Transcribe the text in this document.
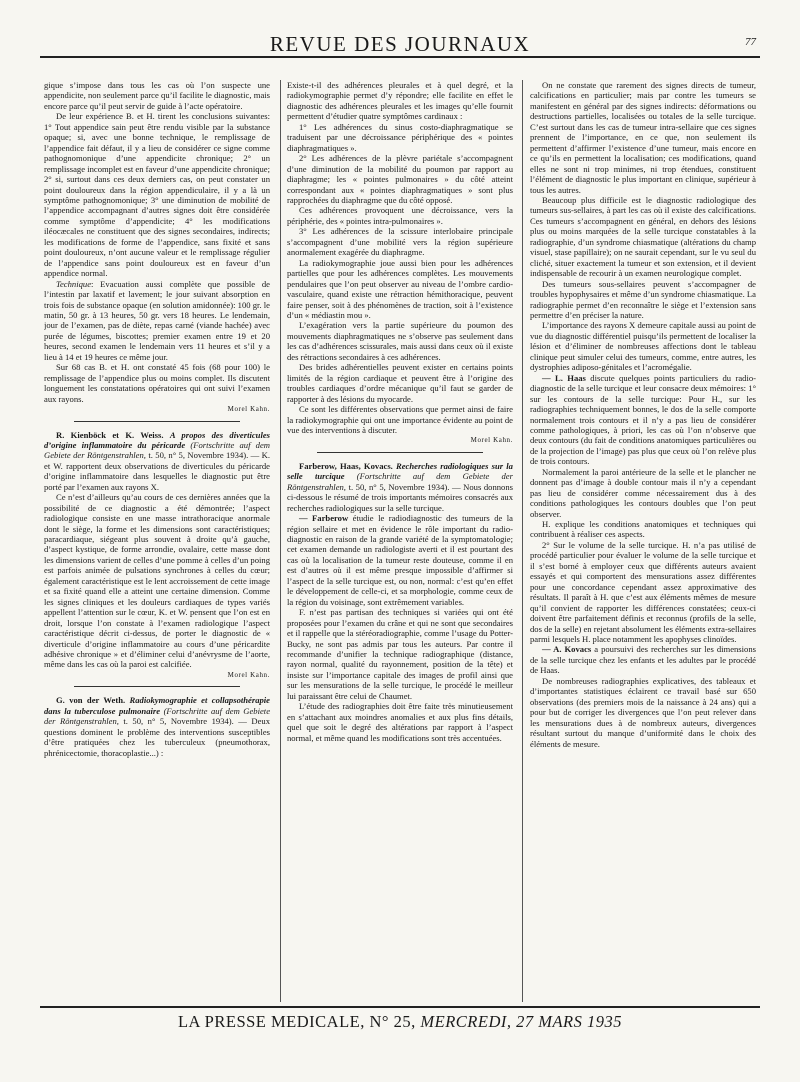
REVUE DES JOURNAUX	77

gique s’impose dans tous les cas où l’on suspecte une appendicite, non seulement parce qu’il facilite le diagnostic, mais encore parce qu’il peut servir de guide à l’acte opératoire.

De leur expérience B. et H. tirent les conclusions suivantes: 1° Tout appendice sain peut être rendu visible par la substance opaque; si, avec une bonne technique, le remplissage de l’appendice fait défaut, il y a lieu de considérer ce signe comme pathognomonique d’une appendicite chronique; 2° un remplissage incomplet est en faveur d’une appendicite chronique; 2° si, surtout dans ces deux derniers cas, on peut constater un point douloureux dans la région appendiculaire, il y a là un symptôme pathognomonique; 3° une diminution de mobilité de l’appendice accompagnant d’autres signes doit être considérée comme symptôme d’appendicite; 4° les modifications iléocæcales ne constituent que des signes secondaires, indirects; les modifications de forme de l’appendice, sans fixité et sans point douloureux, n’ont aucune valeur et le remplissage régulier de l’appendice sans point douloureux est en faveur d’un appendice normal.

Technique: Evacuation aussi complète que possible de l’intestin par laxatif et lavement; le jour suivant absorption en trois fois de substance opaque (en solution amidonnée): 100 gr. le matin, 50 gr. à 13 heures, 50 gr. vers 18 heures. Le lendemain, jour de l’examen, pas de diète, repas carné (viande hachée) avec purée de légumes, biscottes; premier examen entre 19 et 20 heures, second examen le lendemain vers 11 heures et s’il y a lieu à 14 et 19 heures ce même jour.

Sur 68 cas B. et H. ont constaté 45 fois (68 pour 100) le remplissage de l’appendice plus ou moins complet. Ils discutent longuement les constatations opératoires qui ont suivi l’examen aux rayons.

Morel Kahn.

R. Kienböck et K. Weiss. A propos des diverticules d’origine inflammatoire du péricarde (Fortschritte auf dem Gebiete der Röntgenstrahlen, t. 50, n° 5, Novembre 1934). — K. et W. rapportent deux observations de diverticules du péricarde d’origine inflammatoire dans lesquelles le diagnostic put être porté par l’examen aux rayons X.

Ce n’est d’ailleurs qu’au cours de ces dernières années que la possibilité de ce diagnostic a été démontrée; l’aspect radiologique consiste en une masse intrathoracique anormale dont le siège, la forme et les dimensions sont caractéristiques; paracardiaque, siégeant plus souvent à droite qu’à gauche, d’aspect kystique, de forme arrondie, ovalaire, cette masse dont les dimensions varient de celles d’une pomme à celles d’un poing est parfois animée de pulsations synchrones à celles du cœur; également caractéristique est le lent accroissement de cette image et sa fixité quand elle a atteint une certaine dimension. Comme les signes cliniques et les douleurs cardiaques de types variés appellent l’attention sur le cœur, K. et W. pensent que l’on est en droit, lorsque l’on constate à l’examen radiologique l’aspect caractéristique décrit ci-dessus, de porter le diagnostic de « diverticule d’origine inflammatoire au cours d’une péricardite adhésive chronique » et d’éliminer celui d’anévrysme de l’aorte, même dans les cas où la paroi est calcifiée.

Morel Kahn.

G. von der Weth. Radiokymographie et collapsothérapie dans la tuberculose pulmonaire (Fortschritte auf dem Gebiete der Röntgenstrahlen, t. 50, n° 5, Novembre 1934). — Deux questions dominent le problème des interventions susceptibles d’être pratiquées chez les tuberculeux (pneumothorax, phrénicectomie, thoracoplastie...) :

Existe-t-il des adhérences pleurales et à quel degré, et la radiokymographie permet d’y répondre; elle facilite en effet le diagnostic des adhérences pleurales et les images qu’elle fournit permettent d’étudier quatre symptômes cardinaux :

1° Les adhérences du sinus costo-diaphragmatique se traduisent par une décroissance périphérique des « pointes diaphragmatiques ».

2° Les adhérences de la plèvre pariétale s’accompagnent d’une diminution de la mobilité du poumon par rapport au diaphragme; les « pointes pulmonaires » du côté atteint correspondant aux « pointes diaphragmatiques » sont plus rapprochées du diaphragme que du côté opposé.

Ces adhérences provoquent une décroissance, vers la périphérie, des « pointes intra-pulmonaires ».

3° Les adhérences de la scissure interlobaire principale s’accompagnent d’une mobilité vers la région supérieure anormalement exagérée du diaphragme.

La radiokymographie joue aussi bien pour les adhérences partielles que pour les adhérences complètes. Les mouvements pendulaires que l’on peut observer au niveau de l’ombre cardio-vasculaire, quand existe une rétraction hémithoracique, peuvent faire penser, soit à des phénomènes de traction, soit à l’existence d’un « médiastin mou ».

L’exagération vers la partie supérieure du poumon des mouvements diaphragmatiques ne s’observe pas seulement dans les cas d’adhérences scissurales, mais aussi dans ceux où il existe des rétractions secondaires à ces adhérences.

Des brides adhérentielles peuvent exister en certains points limités de la région cardiaque et peuvent être à l’origine des troubles cardiaques d’ordre mécanique qu’il faut se garder de rapporter à des lésions du myocarde.

Ce sont les différentes observations que permet ainsi de faire la radiokymographie qui ont une importance évidente au point de vue des interventions à discuter.

Morel Kahn.

Farberow, Haas, Kovacs. Recherches radiologiques sur la selle turcique (Fortschritte auf dem Gebiete der Röntgenstrahlen, t. 50, n° 5, Novembre 1934). — Nous donnons ci-dessous le résumé de trois importants mémoires consacrés aux recherches radiologiques sur la selle turcique.

— Farberow étudie le radiodiagnostic des tumeurs de la région sellaire et met en évidence le rôle important du radio-diagnostic en raison de la grande variété de la symptomatologie; cet examen demande un radiologiste averti et il est pourtant des cas où la localisation de la tumeur reste douteuse, comme il en est d’autres où il est même presque impossible d’affirmer si l’aspect de la selle turcique est, ou non, normal: c’est qu’en effet le développement de celle-ci, et sa morphologie, comme ceux de la région du voisinage, sont extrêmement variables.

F. n’est pas partisan des techniques si variées qui ont été proposées pour l’examen du crâne et qui ne sont que secondaires et il rappelle que la stéréoradiographie, comme l’usage du Potter-Bucky, ne sont pas admis par tous les auteurs. Par contre il recommande d’unifier la technique radiographique (distance, rayon normal, qualité du rayonnement, position de la tête) et insiste sur l’importance capitale des images de profil ainsi que sur les mensurations de la selle turcique, le procédé le meilleur lui paraissant être celui de Chaumet.

L’étude des radiographies doit être faite très minutieusement en s’attachant aux moindres anomalies et aux plus fins détails, quel que soit le degré des altérations par rapport à l’aspect normal, et même quand les modifications sont très accentuées.

On ne constate que rarement des signes directs de tumeur, calcifications en particulier; mais par contre les tumeurs se manifestent en général par des signes indirects: déformations ou destructions partielles, localisées ou totales de la selle turcique. C’est surtout dans les cas de tumeur intra-sellaire que ces signes prennent de l’importance, en ce que, non seulement ils permettent d’affirmer l’existence d’une tumeur, mais encore en ce qu’ils en permettent la localisation; ces modifications, quand elles ne sont ni trop minimes, ni trop étendues, constituent l’élément de diagnostic le plus important en clinique, supérieur à tous les autres.

Beaucoup plus difficile est le diagnostic radiologique des tumeurs sus-sellaires, à part les cas où il existe des calcifications. Ces tumeurs s’accompagnent en général, en dehors des lésions plus ou moins marquées de la selle turcique constatables à la radiographie, d’un syndrome chiasmatique (altérations du champ visuel, stase papillaire); on ne saurait cependant, sur le vu seul du cliché, situer exactement la tumeur et son extension, et il devient indispensable de recourir à un examen neurologique complet.

Des tumeurs sous-sellaires peuvent s’accompagner de troubles hypophysaires et même d’un syndrome chiasmatique. La radiographie permet d’en reconnaître le siège et l’extension sans permettre d’en préciser la nature.

L’importance des rayons X demeure capitale aussi au point de vue du diagnostic différentiel puisqu’ils permettent de localiser la lésion et d’éliminer de nombreuses affections dont le tableau clinique peut simuler celui des tumeurs, comme, entre autres, les dystrophies adiposo-génitales et l’acromégalie.

— L. Haas discute quelques points particuliers du radio-diagnostic de la selle turcique et leur consacre deux mémoires: 1° sur les contours de la selle turcique: Pour H., sur les radiographies techniquement bonnes, le dos de la selle comporte normalement trois contours et il n’y a pas lieu de considérer comme pathologiques, à priori, les cas où l’on n’observe que deux contours (du fait de conditions anatomiques particulières ou de la projection de l’image) pas plus que ceux où l’on relève plus de trois contours.

Normalement la paroi antérieure de la selle et le plancher ne donnent pas d’image à double contour mais il n’y a cependant pas lieu de considérer comme nécessairement dus à des conditions pathologiques les contours doubles que l’on peut observer.

H. explique les conditions anatomiques et techniques qui contribuent à réaliser ces aspects.

2° Sur le volume de la selle turcique. H. n’a pas utilisé de procédé particulier pour évaluer le volume de la selle turcique et il s’est borné à employer ceux que différents auteurs avaient essayés et qui comportent des mensurations assez différentes pour une concordance cependant assez approximative des résultats. Il paraît à H. que c’est aux éléments mêmes de mesure qu’il convient de rapporter les différences constatées; ceux-ci doivent être parfaitement définis et reconnus (profils de la selle, dos de la selle) en rejetant absolument les éléments extra-sellaires parmi lesquels H. place notamment les apophyses clinoïdes.

— A. Kovacs a poursuivi des recherches sur les dimensions de la selle turcique chez les enfants et les adultes par le procédé de Haas.

De nombreuses radiographies explicatives, des tableaux et d’importantes statistiques éclairent ce travail basé sur 650 observations (des premiers mois de la naissance à 24 ans) qui a pour but de corriger les divergences que l’on peut relever dans les mensurations dues à de nombreux auteurs, divergences résultant surtout du manque d’uniformité dans le choix des éléments de mesure.

LA PRESSE MEDICALE, N° 25, MERCREDI, 27 MARS 1935
